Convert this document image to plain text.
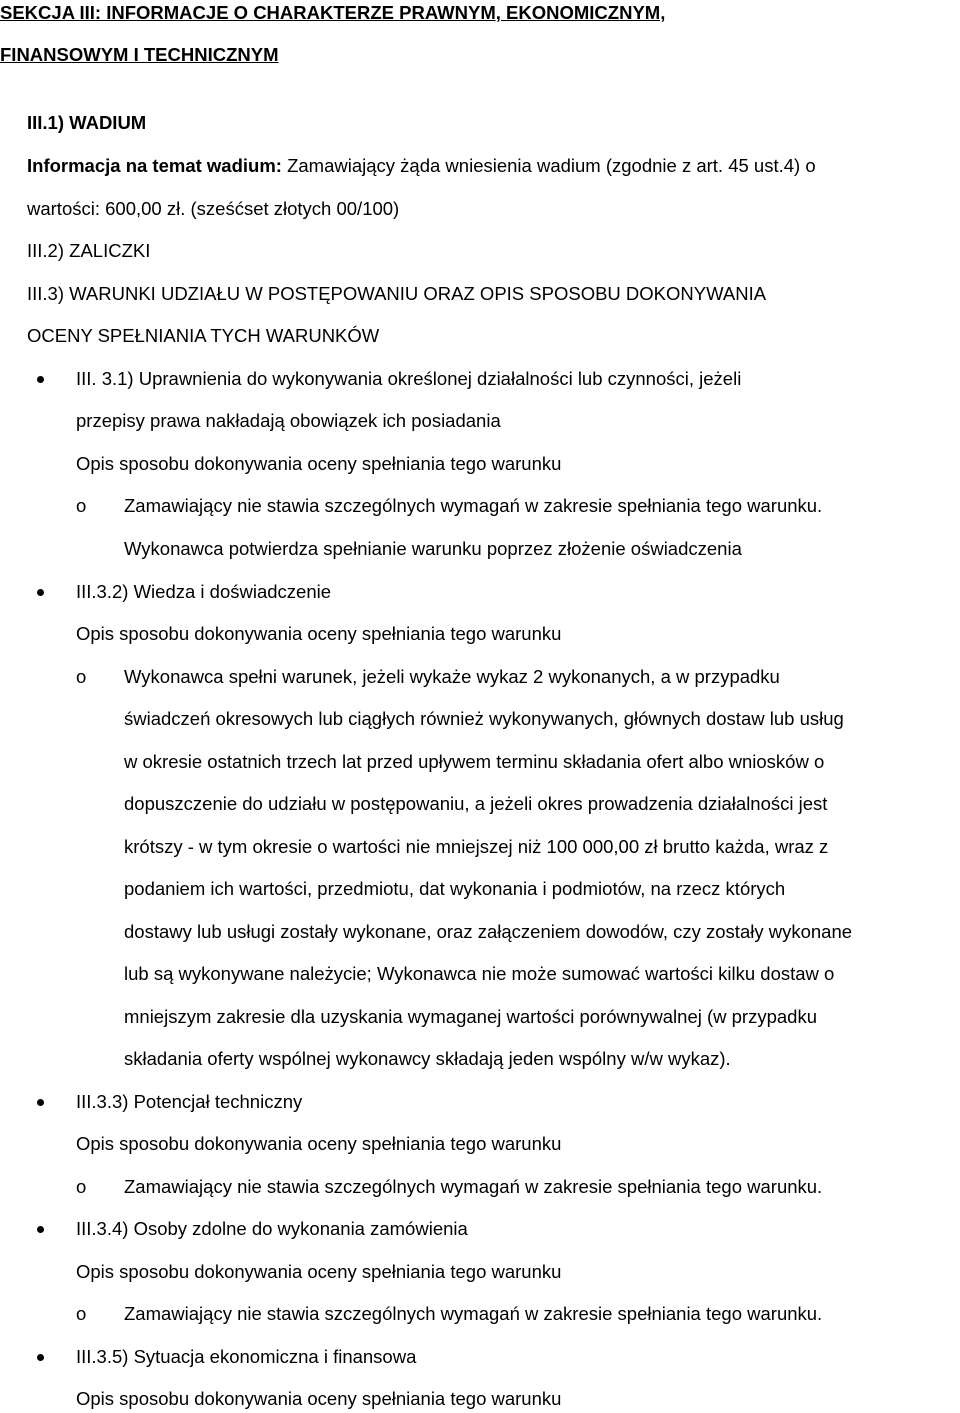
SEKCJA III: INFORMACJE O CHARAKTERZE PRAWNYM, EKONOMICZNYM,
FINANSOWYM I TECHNICZNYM
III.1) WADIUM
Informacja na temat wadium: Zamawiający żąda wniesienia wadium (zgodnie z art. 45 ust.4) o
wartości: 600,00 zł. (sześćset złotych 00/100)
III.2) ZALICZKI
III.3) WARUNKI UDZIAŁU W POSTĘPOWANIU ORAZ OPIS SPOSOBU DOKONYWANIA
OCENY SPEŁNIANIA TYCH WARUNKÓW
III. 3.1) Uprawnienia do wykonywania określonej działalności lub czynności, jeżeli
przepisy prawa nakładają obowiązek ich posiadania
Opis sposobu dokonywania oceny spełniania tego warunku
o Zamawiający nie stawia szczególnych wymagań w zakresie spełniania tego warunku.
Wykonawca potwierdza spełnianie warunku poprzez złożenie oświadczenia
III.3.2) Wiedza i doświadczenie
Opis sposobu dokonywania oceny spełniania tego warunku
o Wykonawca spełni warunek, jeżeli wykaże wykaz 2 wykonanych, a w przypadku
świadczeń okresowych lub ciągłych również wykonywanych, głównych dostaw lub usług
w okresie ostatnich trzech lat przed upływem terminu składania ofert albo wniosków o
dopuszczenie do udziału w postępowaniu, a jeżeli okres prowadzenia działalności jest
krótszy - w tym okresie o wartości nie mniejszej niż 100 000,00 zł brutto każda, wraz z
podaniem ich wartości, przedmiotu, dat wykonania i podmiotów, na rzecz których
dostawy lub usługi zostały wykonane, oraz załączeniem dowodów, czy zostały wykonane
lub są wykonywane należycie; Wykonawca nie może sumować wartości kilku dostaw o
mniejszym zakresie dla uzyskania wymaganej wartości porównywalnej (w przypadku
składania oferty wspólnej wykonawcy składają jeden wspólny w/w wykaz).
III.3.3) Potencjał techniczny
Opis sposobu dokonywania oceny spełniania tego warunku
o Zamawiający nie stawia szczególnych wymagań w zakresie spełniania tego warunku.
III.3.4) Osoby zdolne do wykonania zamówienia
Opis sposobu dokonywania oceny spełniania tego warunku
o Zamawiający nie stawia szczególnych wymagań w zakresie spełniania tego warunku.
III.3.5) Sytuacja ekonomiczna i finansowa
Opis sposobu dokonywania oceny spełniania tego warunku
